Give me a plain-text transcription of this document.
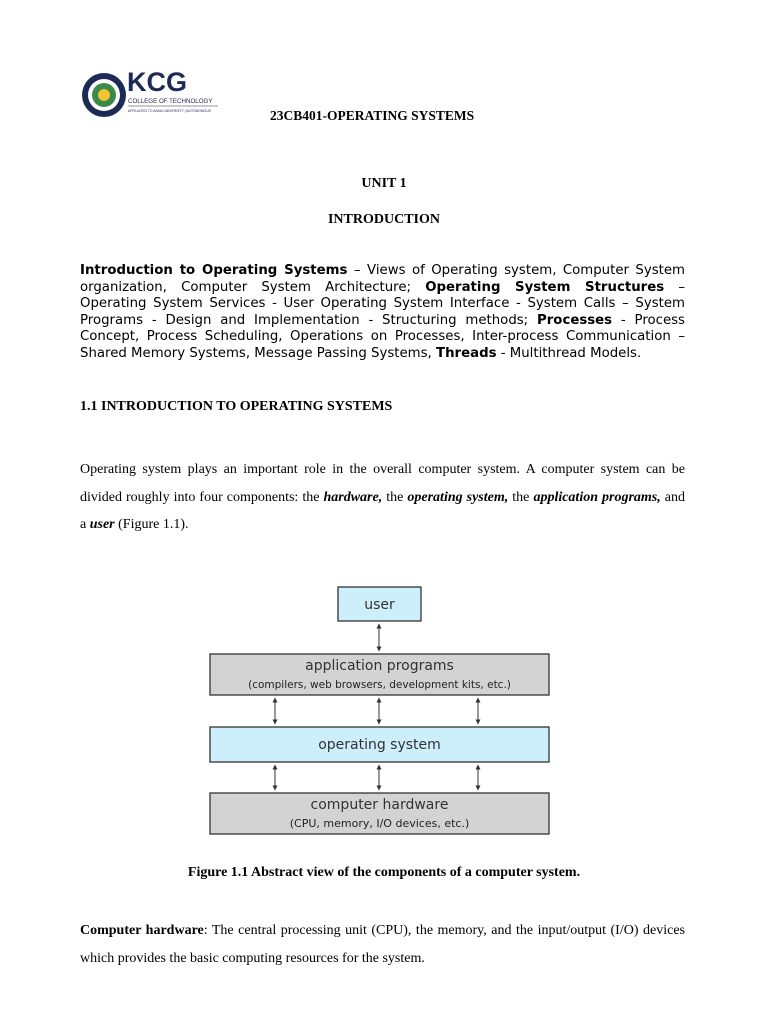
KCG
COLLEGE OF TECHNOLOGY
AFFILIATED TO ANNA UNIVERSITY | AUTONOMOUS	23CB401-OPERATING SYSTEMS
UNIT 1
INTRODUCTION
Introduction to Operating Systems – Views of Operating system, Computer System organization, Computer System Architecture; Operating System Structures – Operating System Services - User Operating System Interface - System Calls – System Programs - Design and Implementation - Structuring methods; Processes - Process Concept, Process Scheduling, Operations on Processes, Inter-process Communication – Shared Memory Systems, Message Passing Systems, Threads - Multithread Models.
1.1 INTRODUCTION TO OPERATING SYSTEMS
Operating system plays an important role in the overall computer system. A computer system can be divided roughly into four components: the hardware, the operating system, the application programs, and a user (Figure 1.1).
user
application programs
(compilers, web browsers, development kits, etc.)
operating system
computer hardware
(CPU, memory, I/O devices, etc.)
Figure 1.1 Abstract view of the components of a computer system.
Computer hardware: The central processing unit (CPU), the memory, and the input/output (I/O) devices which provides the basic computing resources for the system.
